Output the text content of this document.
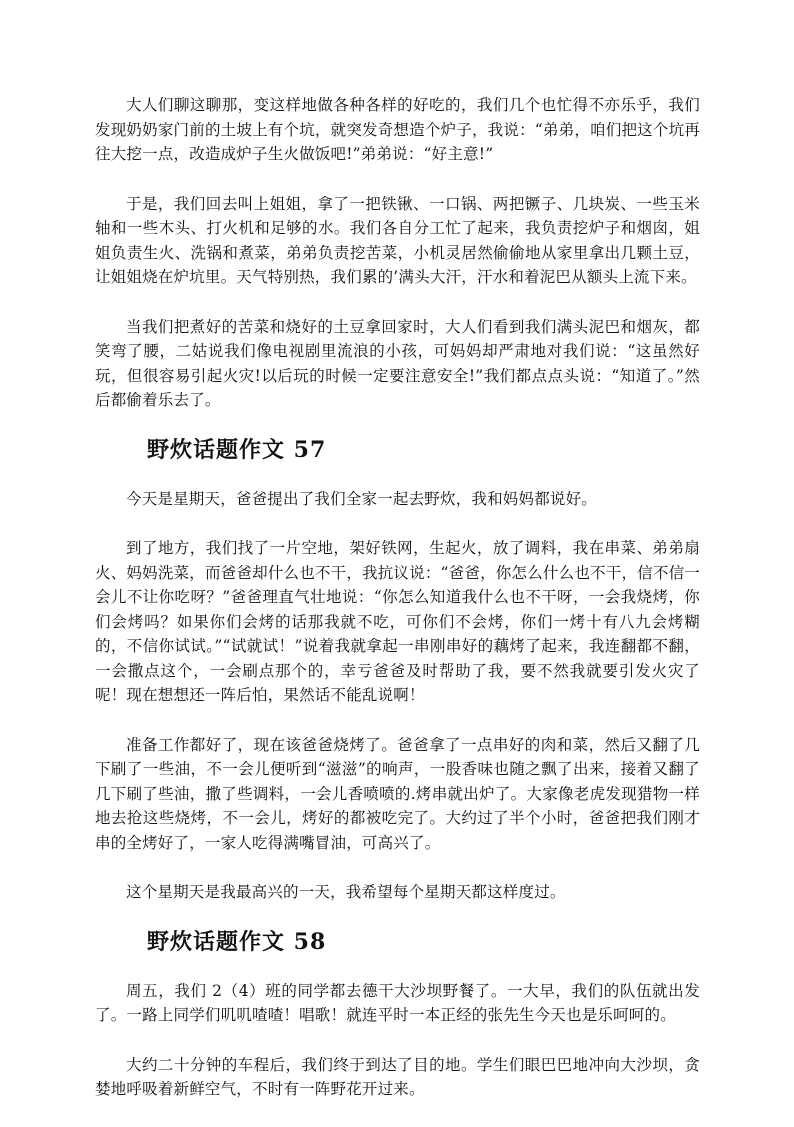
大人们聊这聊那，变这样地做各种各样的好吃的，我们几个也忙得不亦乐乎，我们发现奶奶家门前的土坡上有个坑，就突发奇想造个炉子，我说：“弟弟，咱们把这个坑再往大挖一点，改造成炉子生火做饭吧!”弟弟说：“好主意!”

于是，我们回去叫上姐姐，拿了一把铁锹、一口锅、两把镢子、几块炭、一些玉米轴和一些木头、打火机和足够的水。我们各自分工忙了起来，我负责挖炉子和烟囱，姐姐负责生火、洗锅和煮菜，弟弟负责挖苦菜，小机灵居然偷偷地从家里拿出几颗土豆，让姐姐烧在炉坑里。天气特别热，我们累的’满头大汗，汗水和着泥巴从额头上流下来。

当我们把煮好的苦菜和烧好的土豆拿回家时，大人们看到我们满头泥巴和烟灰，都笑弯了腰，二姑说我们像电视剧里流浪的小孩，可妈妈却严肃地对我们说：“这虽然好玩，但很容易引起火灾!以后玩的时候一定要注意安全!”我们都点点头说：“知道了。”然后都偷着乐去了。

野炊话题作文 57

今天是星期天，爸爸提出了我们全家一起去野炊，我和妈妈都说好。

到了地方，我们找了一片空地，架好铁网，生起火，放了调料，我在串菜、弟弟扇火、妈妈洗菜，而爸爸却什么也不干，我抗议说：“爸爸，你怎么什么也不干，信不信一会儿不让你吃呀？”爸爸理直气壮地说：“你怎么知道我什么也不干呀，一会我烧烤，你们会烤吗？如果你们会烤的话那我就不吃，可你们不会烤，你们一烤十有八九会烤糊的，不信你试试。”“试就试！”说着我就拿起一串刚串好的藕烤了起来，我连翻都不翻，一会撒点这个，一会刷点那个的，幸亏爸爸及时帮助了我，要不然我就要引发火灾了呢！现在想想还一阵后怕，果然话不能乱说啊！

准备工作都好了，现在该爸爸烧烤了。爸爸拿了一点串好的肉和菜，然后又翻了几下刷了一些油，不一会儿便听到“滋滋”的响声，一股香味也随之飘了出来，接着又翻了几下刷了些油，撒了些调料，一会儿香喷喷的.烤串就出炉了。大家像老虎发现猎物一样地去抢这些烧烤，不一会儿，烤好的都被吃完了。大约过了半个小时，爸爸把我们刚才串的全烤好了，一家人吃得满嘴冒油，可高兴了。

这个星期天是我最高兴的一天，我希望每个星期天都这样度过。

野炊话题作文 58

周五，我们 2（4）班的同学都去德干大沙坝野餐了。一大早，我们的队伍就出发了。一路上同学们叽叽喳喳！唱歌！就连平时一本正经的张先生今天也是乐呵呵的。

大约二十分钟的车程后，我们终于到达了目的地。学生们眼巴巴地冲向大沙坝，贪婪地呼吸着新鲜空气，不时有一阵野花开过来。
